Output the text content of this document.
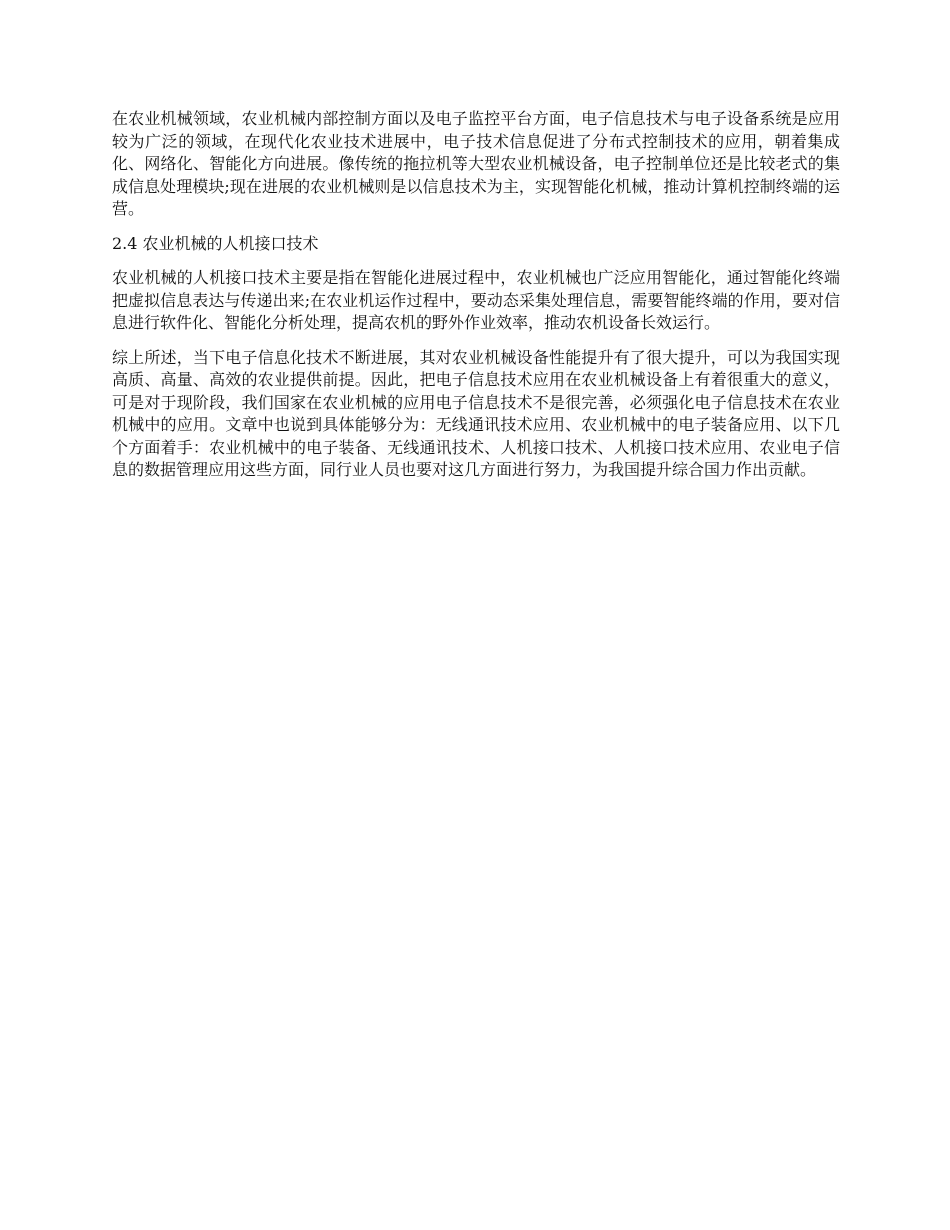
在农业机械领域，农业机械内部控制方面以及电子监控平台方面，电子信息技术与电子设备系统是应用较为广泛的领域，在现代化农业技术进展中，电子技术信息促进了分布式控制技术的应用，朝着集成化、网络化、智能化方向进展。像传统的拖拉机等大型农业机械设备，电子控制单位还是比较老式的集成信息处理模块;现在进展的农业机械则是以信息技术为主，实现智能化机械，推动计算机控制终端的运营。

2.4 农业机械的人机接口技术

农业机械的人机接口技术主要是指在智能化进展过程中，农业机械也广泛应用智能化，通过智能化终端把虚拟信息表达与传递出来;在农业机运作过程中，要动态采集处理信息，需要智能终端的作用，要对信息进行软件化、智能化分析处理，提高农机的野外作业效率，推动农机设备长效运行。

综上所述，当下电子信息化技术不断进展，其对农业机械设备性能提升有了很大提升，可以为我国实现高质、高量、高效的农业提供前提。因此，把电子信息技术应用在农业机械设备上有着很重大的意义，可是对于现阶段，我们国家在农业机械的应用电子信息技术不是很完善，必须强化电子信息技术在农业机械中的应用。文章中也说到具体能够分为：无线通讯技术应用、农业机械中的电子装备应用、以下几个方面着手：农业机械中的电子装备、无线通讯技术、人机接口技术、人机接口技术应用、农业电子信息的数据管理应用这些方面，同行业人员也要对这几方面进行努力，为我国提升综合国力作出贡献。
